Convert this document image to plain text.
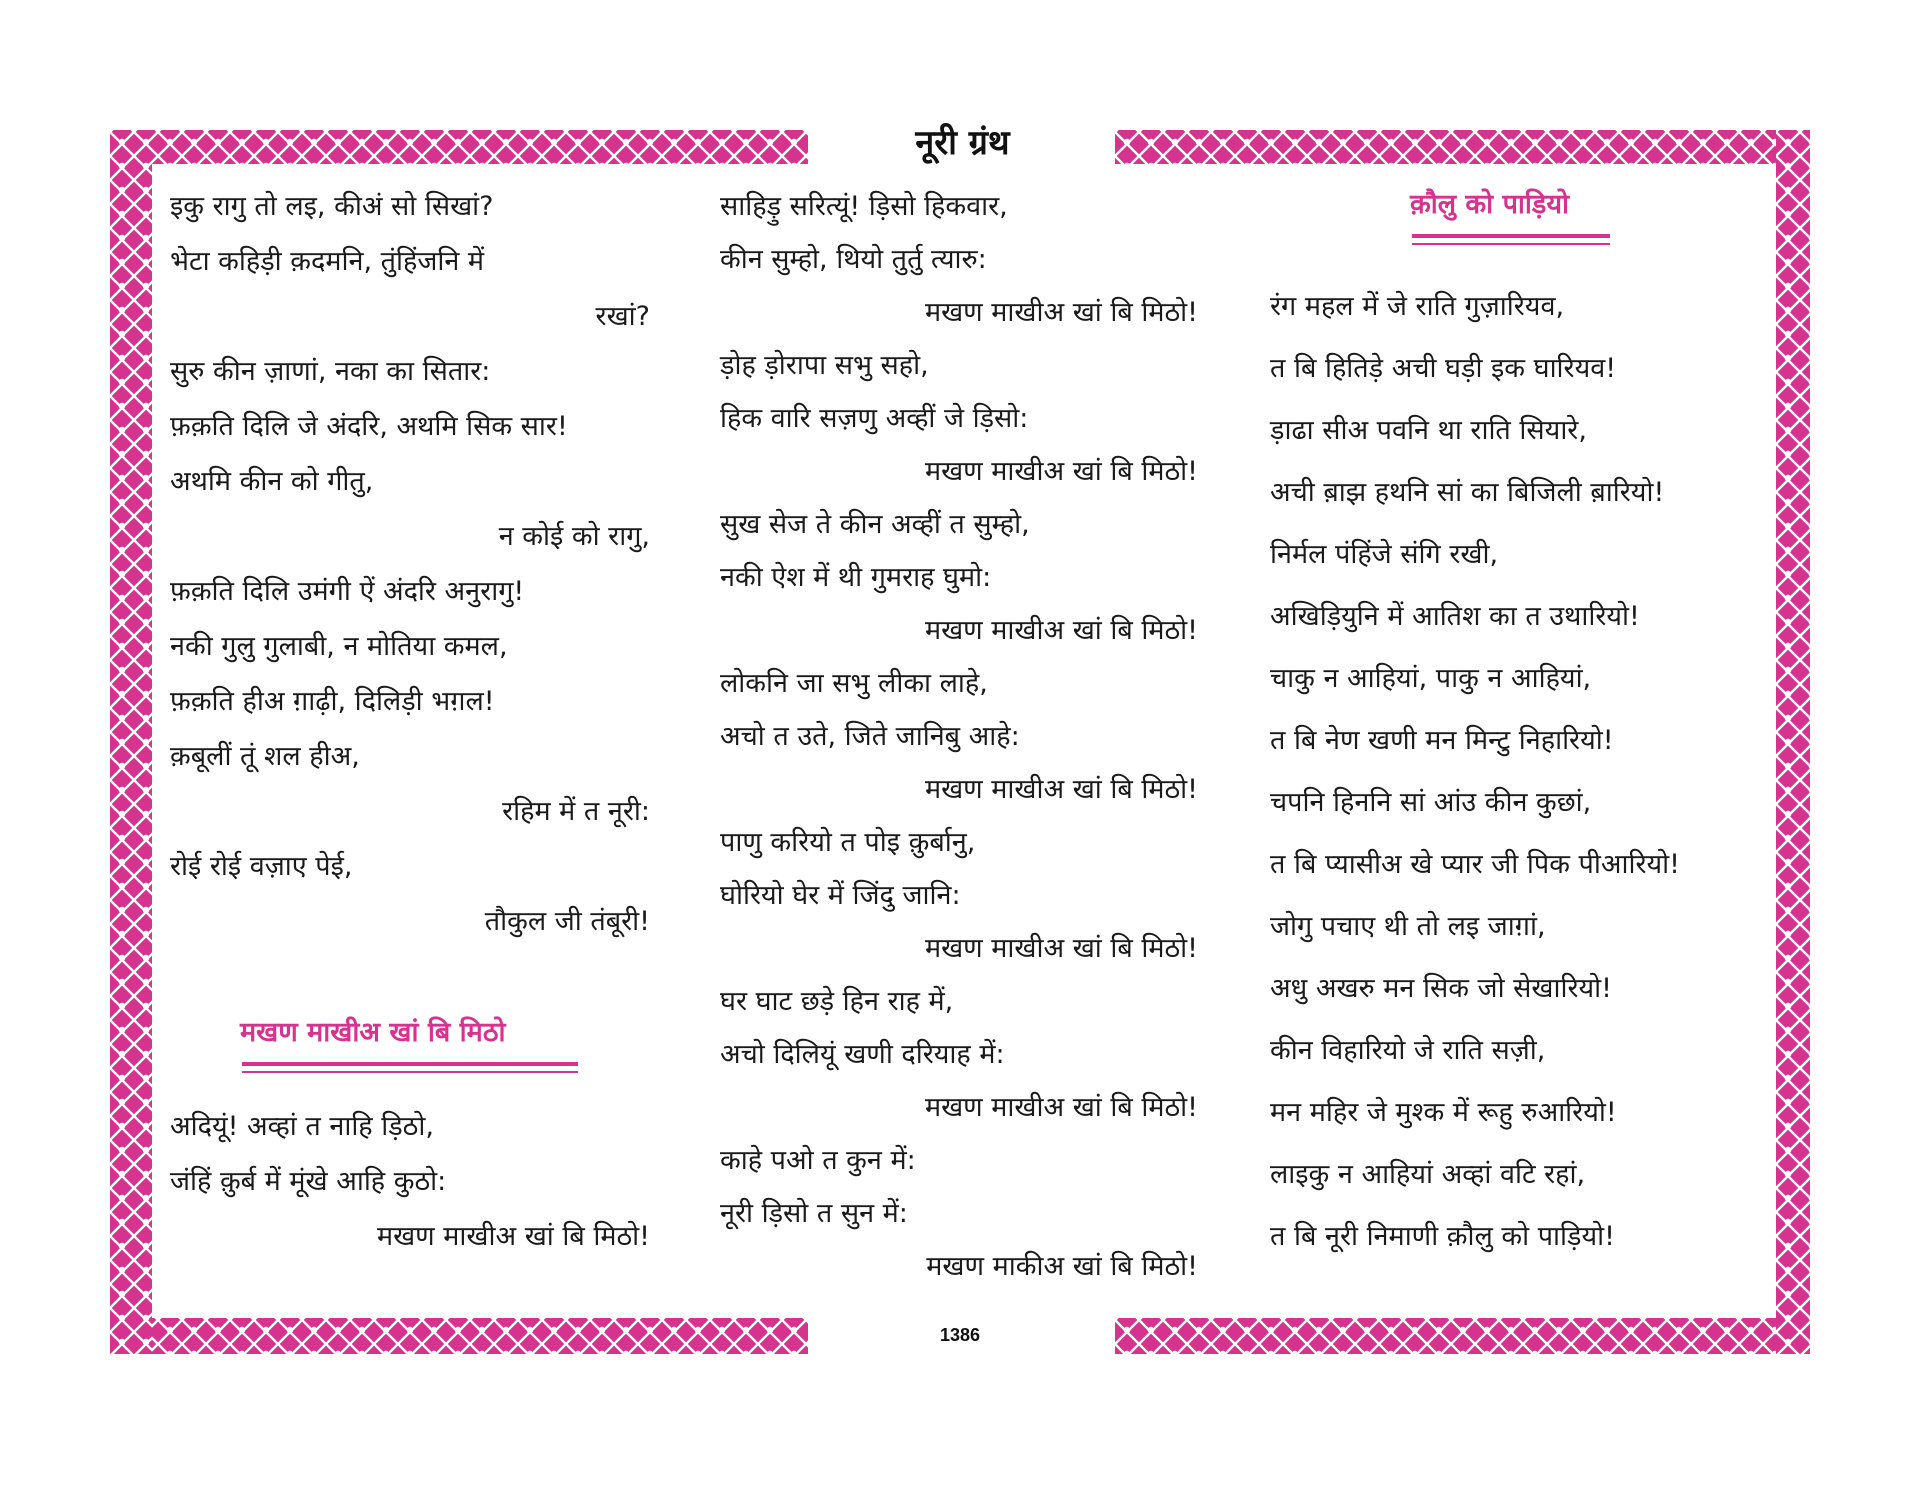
नूरी ग्रंथ
इकु रागु तो लइ, कीअं सो सिखां?
भेटा कहिड़ी क़दमनि, तुंहिंजनि में
रखां?
सुरु कीन ज़ाणां, नका का सितार:
फ़क़ति दिलि जे अंदरि, अथमि सिक सार!
अथमि कीन को गीतु,
न कोई को रागु,
फ़क़ति दिलि उमंगी ऐं अंदरि अनुरागु!
नकी गुलु गुलाबी, न मोतिया कमल,
फ़क़ति हीअ ग़ाढ़ी, दिलिड़ी भग़ल!
क़बूलीं तूं शल हीअ,
रहिम में त नूरी:
रोई रोई वज़ाए पेई,
तौकुल जी तंबूरी!
मखण माखीअ खां बि मिठो
अदियूं! अव्हां त नाहि ड़िठो,
जंहिं क़ुर्ब में मूंखे आहि कुठो:
मखण माखीअ खां बि मिठो!
साहिड़ु सरित्यूं! ड़िसो हिकवार,
कीन सुम्हो, थियो तुर्तु त्यारु:
मखण माखीअ खां बि मिठो!
ड़ोह ड़ोरापा सभु सहो,
हिक वारि सज़णु अव्हीं जे ड़िसो:
मखण माखीअ खां बि मिठो!
सुख सेज ते कीन अव्हीं त सुम्हो,
नकी ऐश में थी गुमराह घुमो:
मखण माखीअ खां बि मिठो!
लोकनि जा सभु लीका लाहे,
अचो त उते, जिते जानिबु आहे:
मखण माखीअ खां बि मिठो!
पाणु करियो त पोइ क़ुर्बानु,
घोरियो घेर में जिंदु जानि:
मखण माखीअ खां बि मिठो!
घर घाट छड़े हिन राह में,
अचो दिलियूं खणी दरियाह में:
मखण माखीअ खां बि मिठो!
काहे पओ त कुन में:
नूरी ड़िसो त सुन में:
मखण माकीअ खां बि मिठो!
क़ौलु को पाड़ियो
रंग महल में जे राति गुज़ारियव,
त बि हितिड़े अची घड़ी इक घारियव!
ड़ाढा सीअ पवनि था राति सियारे,
अची ब़ाझ हथनि सां का बिजिली ब़ारियो!
निर्मल पंहिंजे संगि रखी,
अखिड़ियुनि में आतिश का त उथारियो!
चाकु न आहियां, पाकु न आहियां,
त बि नेण खणी मन मिन्टु निहारियो!
चपनि हिननि सां आंउ कीन कुछां,
त बि प्यासीअ खे प्यार जी पिक पीआरियो!
जोगु पचाए थी तो लइ जाग़ां,
अधु अखरु मन सिक जो सेखारियो!
कीन विहारियो जे राति सज़ी,
मन महिर जे मुश्क में रूहु रुआरियो!
लाइकु न आहियां अव्हां वटि रहां,
त बि नूरी निमाणी क़ौलु को पाड़ियो!
1386
